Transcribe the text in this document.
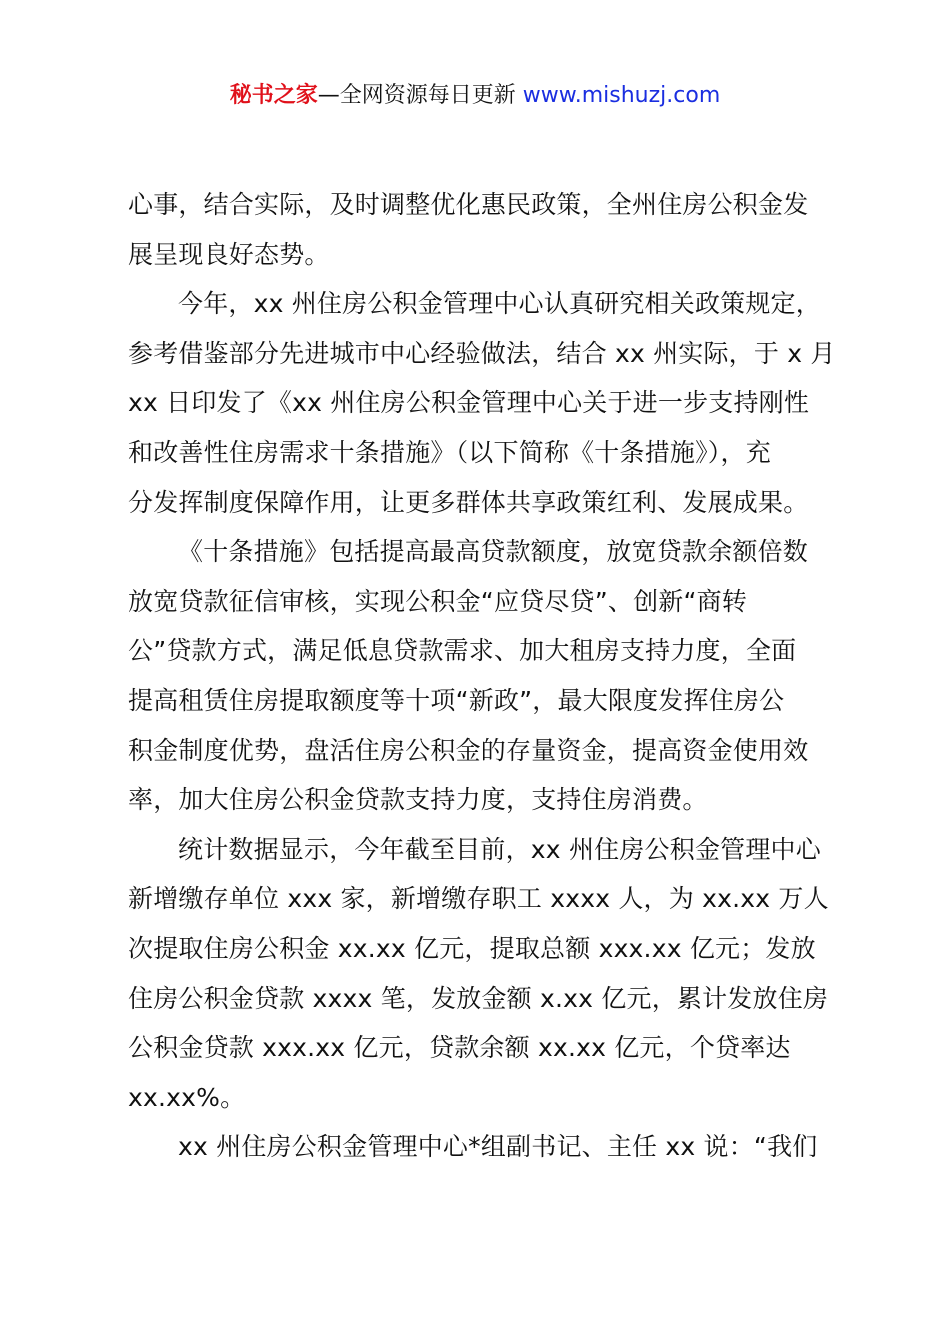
秘书之家—全网资源每日更新 www.mishuzj.com
心事，结合实际，及时调整优化惠民政策，全州住房公积金发
展呈现良好态势。
今年，xx 州住房公积金管理中心认真研究相关政策规定，
参考借鉴部分先进城市中心经验做法，结合 xx 州实际，于 x 月
xx 日印发了《xx 州住房公积金管理中心关于进一步支持刚性
和改善性住房需求十条措施》（以下简称《十条措施》），充
分发挥制度保障作用，让更多群体共享政策红利、发展成果。
《十条措施》包括提高最高贷款额度，放宽贷款余额倍数
放宽贷款征信审核，实现公积金“应贷尽贷”、创新“商转
公”贷款方式，满足低息贷款需求、加大租房支持力度，全面
提高租赁住房提取额度等十项“新政”，最大限度发挥住房公
积金制度优势，盘活住房公积金的存量资金，提高资金使用效
率，加大住房公积金贷款支持力度，支持住房消费。
统计数据显示，今年截至目前，xx 州住房公积金管理中心
新增缴存单位 xxx 家，新增缴存职工 xxxx 人，为 xx.xx 万人
次提取住房公积金 xx.xx 亿元，提取总额 xxx.xx 亿元；发放
住房公积金贷款 xxxx 笔，发放金额 x.xx 亿元，累计发放住房
公积金贷款 xxx.xx 亿元，贷款余额 xx.xx 亿元，个贷率达
xx.xx%。
xx 州住房公积金管理中心*组副书记、主任 xx 说：“我们
